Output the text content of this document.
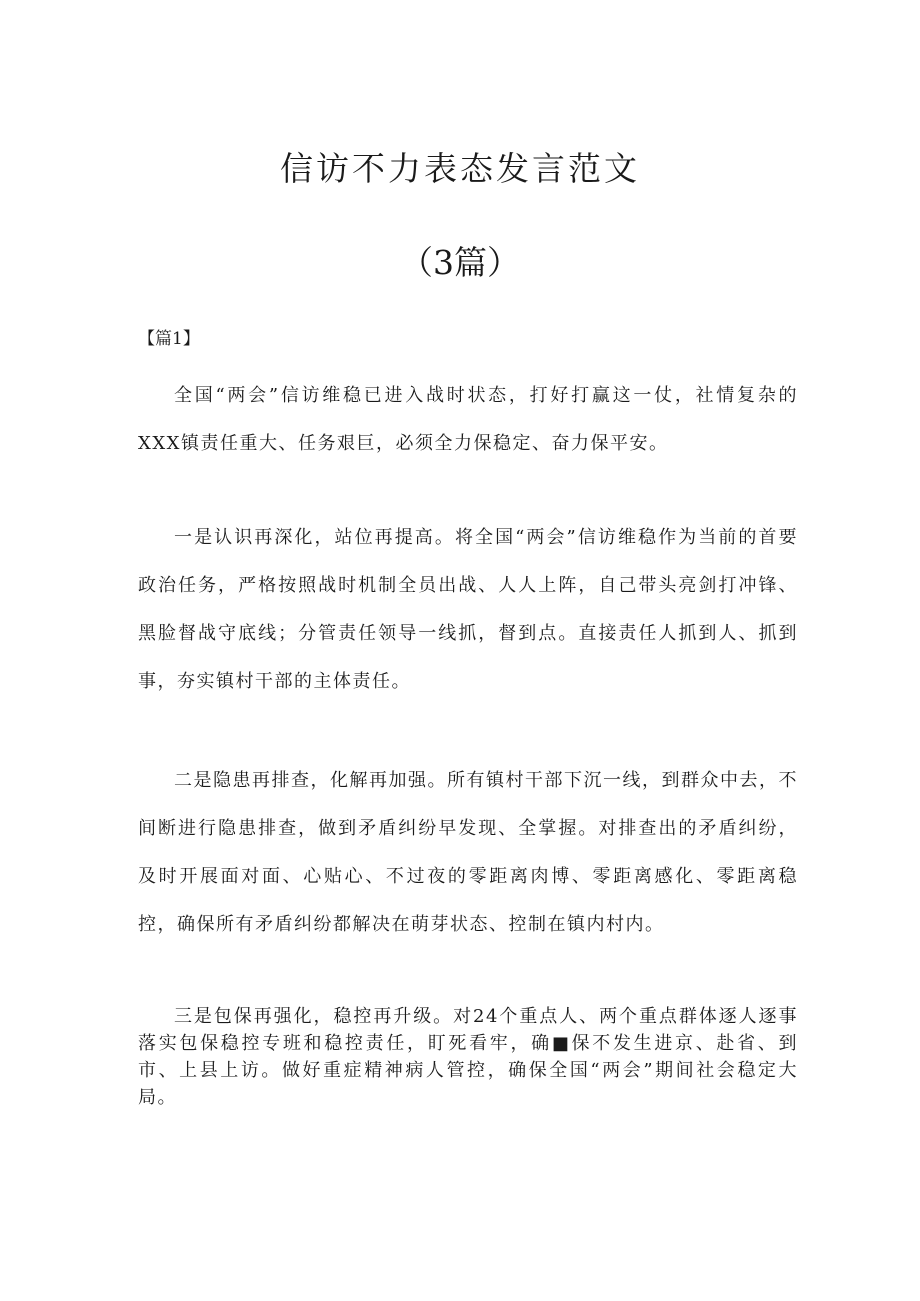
信访不力表态发言范文
（3篇）
【篇1】

全国“两会”信访维稳已进入战时状态，打好打赢这一仗，社情复杂的XXX镇责任重大、任务艰巨，必须全力保稳定、奋力保平安。

一是认识再深化，站位再提高。将全国“两会”信访维稳作为当前的首要政治任务，严格按照战时机制全员出战、人人上阵，自己带头亮剑打冲锋、黑脸督战守底线；分管责任领导一线抓，督到点。直接责任人抓到人、抓到事，夯实镇村干部的主体责任。

二是隐患再排查，化解再加强。所有镇村干部下沉一线，到群众中去，不间断进行隐患排查，做到矛盾纠纷早发现、全掌握。对排查出的矛盾纠纷，及时开展面对面、心贴心、不过夜的零距离肉博、零距离感化、零距离稳控，确保所有矛盾纠纷都解决在萌芽状态、控制在镇内村内。

三是包保再强化，稳控再升级。对24个重点人、两个重点群体逐人逐事落实包保稳控专班和稳控责任，盯死看牢，确■保不发生进京、赴省、到市、上县上访。做好重症精神病人管控，确保全国“两会”期间社会稳定大局。
